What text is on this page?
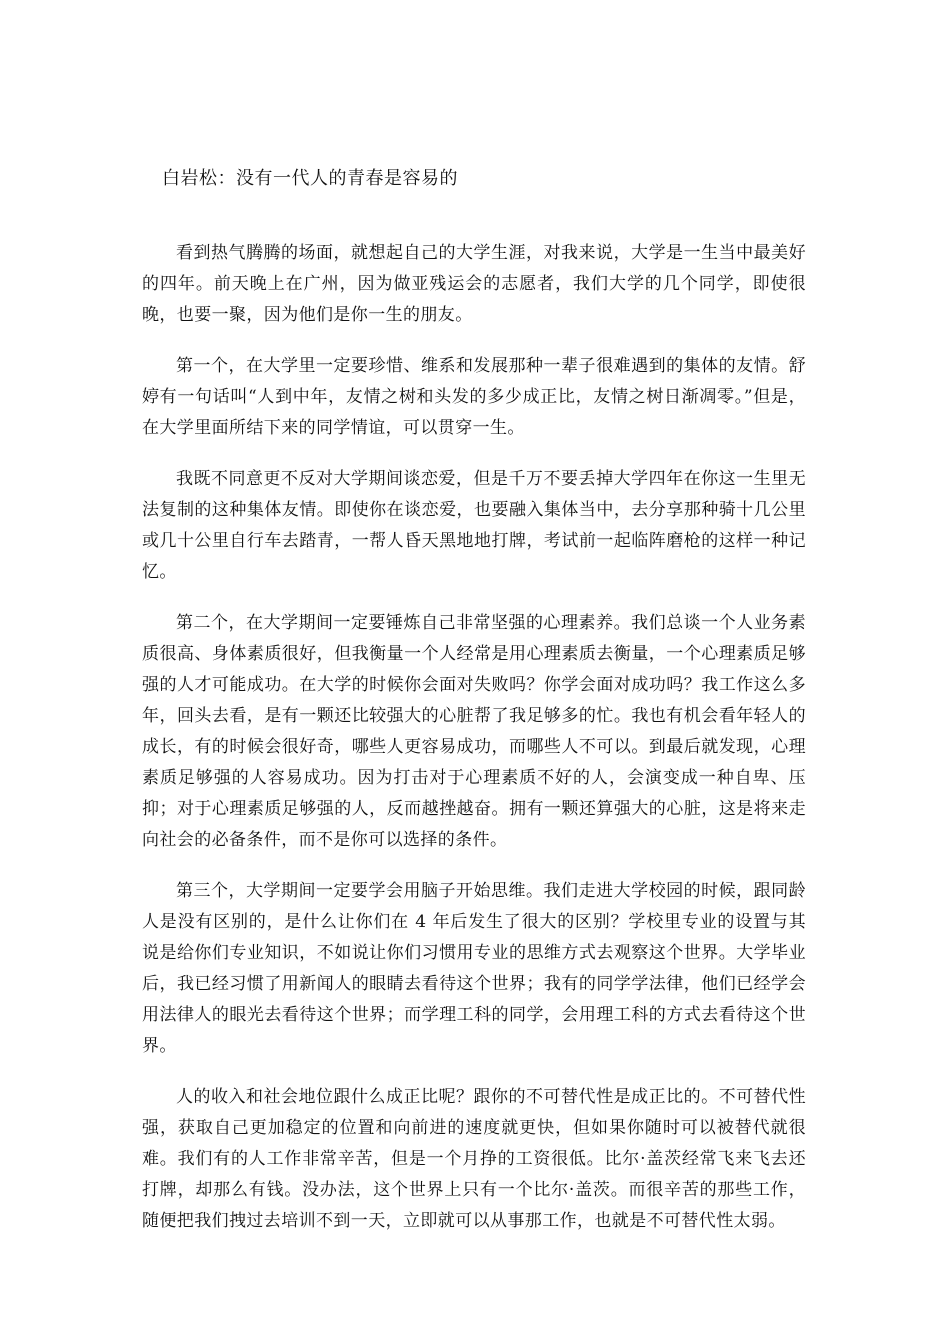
白岩松：没有一代人的青春是容易的

看到热气腾腾的场面，就想起自己的大学生涯，对我来说，大学是一生当中最美好的四年。前天晚上在广州，因为做亚残运会的志愿者，我们大学的几个同学，即使很晚，也要一聚，因为他们是你一生的朋友。

第一个，在大学里一定要珍惜、维系和发展那种一辈子很难遇到的集体的友情。舒婷有一句话叫“人到中年，友情之树和头发的多少成正比，友情之树日渐凋零。”但是，在大学里面所结下来的同学情谊，可以贯穿一生。

我既不同意更不反对大学期间谈恋爱，但是千万不要丢掉大学四年在你这一生里无法复制的这种集体友情。即使你在谈恋爱，也要融入集体当中，去分享那种骑十几公里或几十公里自行车去踏青，一帮人昏天黑地地打牌，考试前一起临阵磨枪的这样一种记忆。

第二个，在大学期间一定要锤炼自己非常坚强的心理素养。我们总谈一个人业务素质很高、身体素质很好，但我衡量一个人经常是用心理素质去衡量，一个心理素质足够强的人才可能成功。在大学的时候你会面对失败吗？你学会面对成功吗？我工作这么多年，回头去看，是有一颗还比较强大的心脏帮了我足够多的忙。我也有机会看年轻人的成长，有的时候会很好奇，哪些人更容易成功，而哪些人不可以。到最后就发现，心理素质足够强的人容易成功。因为打击对于心理素质不好的人，会演变成一种自卑、压抑；对于心理素质足够强的人，反而越挫越奋。拥有一颗还算强大的心脏，这是将来走向社会的必备条件，而不是你可以选择的条件。

第三个，大学期间一定要学会用脑子开始思维。我们走进大学校园的时候，跟同龄人是没有区别的，是什么让你们在 4 年后发生了很大的区别？学校里专业的设置与其说是给你们专业知识，不如说让你们习惯用专业的思维方式去观察这个世界。大学毕业后，我已经习惯了用新闻人的眼睛去看待这个世界；我有的同学学法律，他们已经学会用法律人的眼光去看待这个世界；而学理工科的同学，会用理工科的方式去看待这个世界。

人的收入和社会地位跟什么成正比呢？跟你的不可替代性是成正比的。不可替代性强，获取自己更加稳定的位置和向前进的速度就更快，但如果你随时可以被替代就很难。我们有的人工作非常辛苦，但是一个月挣的工资很低。比尔·盖茨经常飞来飞去还打牌，却那么有钱。没办法，这个世界上只有一个比尔·盖茨。而很辛苦的那些工作，随便把我们拽过去培训不到一天，立即就可以从事那工作，也就是不可替代性太弱。
